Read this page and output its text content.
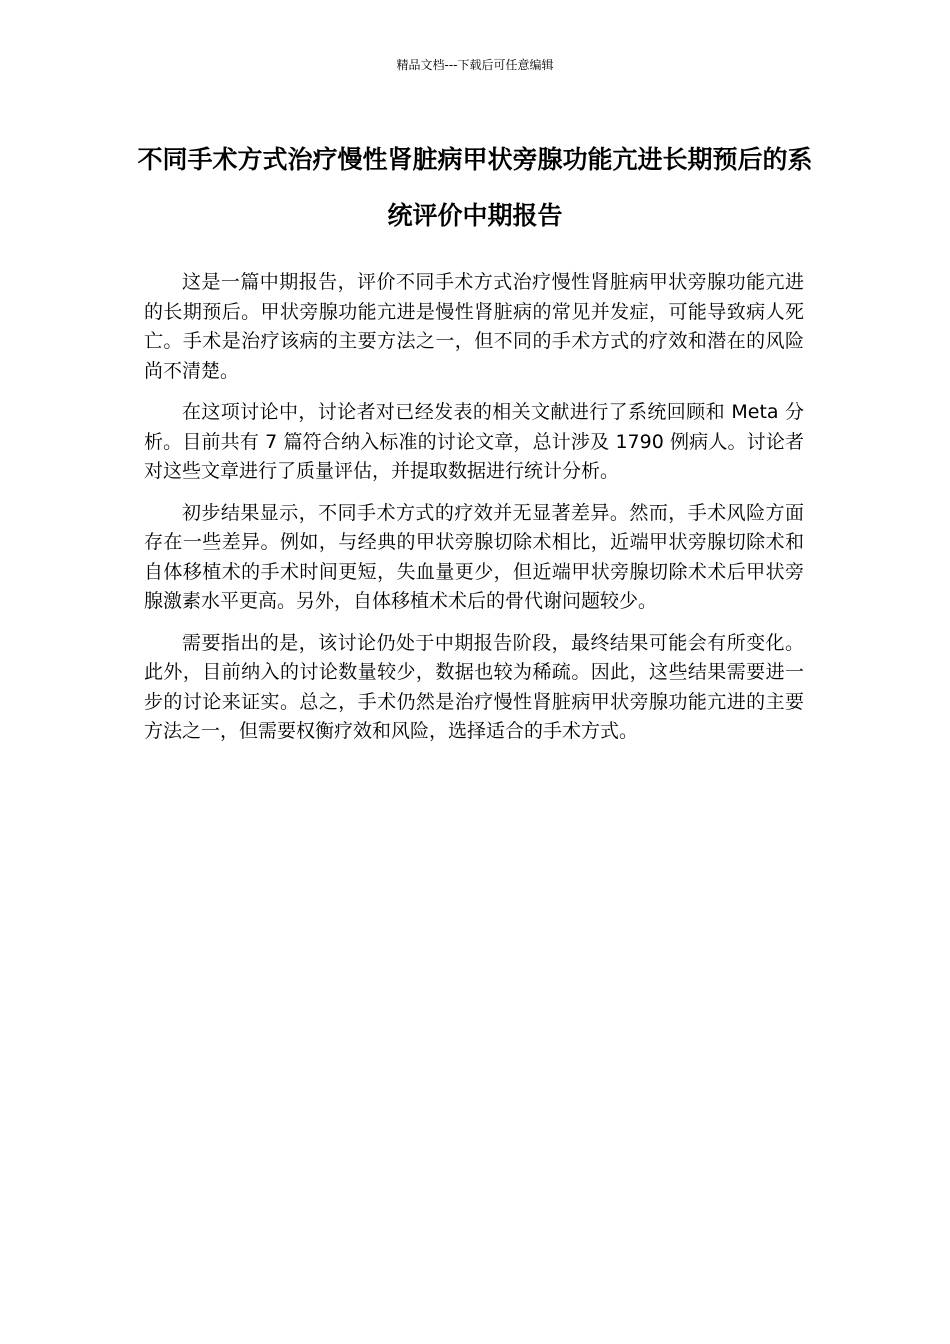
精品文档---下载后可任意编辑
不同手术方式治疗慢性肾脏病甲状旁腺功能亢进长期预后的系统评价中期报告

这是一篇中期报告，评价不同手术方式治疗慢性肾脏病甲状旁腺功能亢进的长期预后。甲状旁腺功能亢进是慢性肾脏病的常见并发症，可能导致病人死亡。手术是治疗该病的主要方法之一，但不同的手术方式的疗效和潜在的风险尚不清楚。

在这项讨论中，讨论者对已经发表的相关文献进行了系统回顾和 Meta 分析。目前共有 7 篇符合纳入标准的讨论文章，总计涉及 1790 例病人。讨论者对这些文章进行了质量评估，并提取数据进行统计分析。

初步结果显示，不同手术方式的疗效并无显著差异。然而，手术风险方面存在一些差异。例如，与经典的甲状旁腺切除术相比，近端甲状旁腺切除术和自体移植术的手术时间更短，失血量更少，但近端甲状旁腺切除术术后甲状旁腺激素水平更高。另外，自体移植术术后的骨代谢问题较少。

需要指出的是，该讨论仍处于中期报告阶段，最终结果可能会有所变化。此外，目前纳入的讨论数量较少，数据也较为稀疏。因此，这些结果需要进一步的讨论来证实。总之，手术仍然是治疗慢性肾脏病甲状旁腺功能亢进的主要方法之一，但需要权衡疗效和风险，选择适合的手术方式。
